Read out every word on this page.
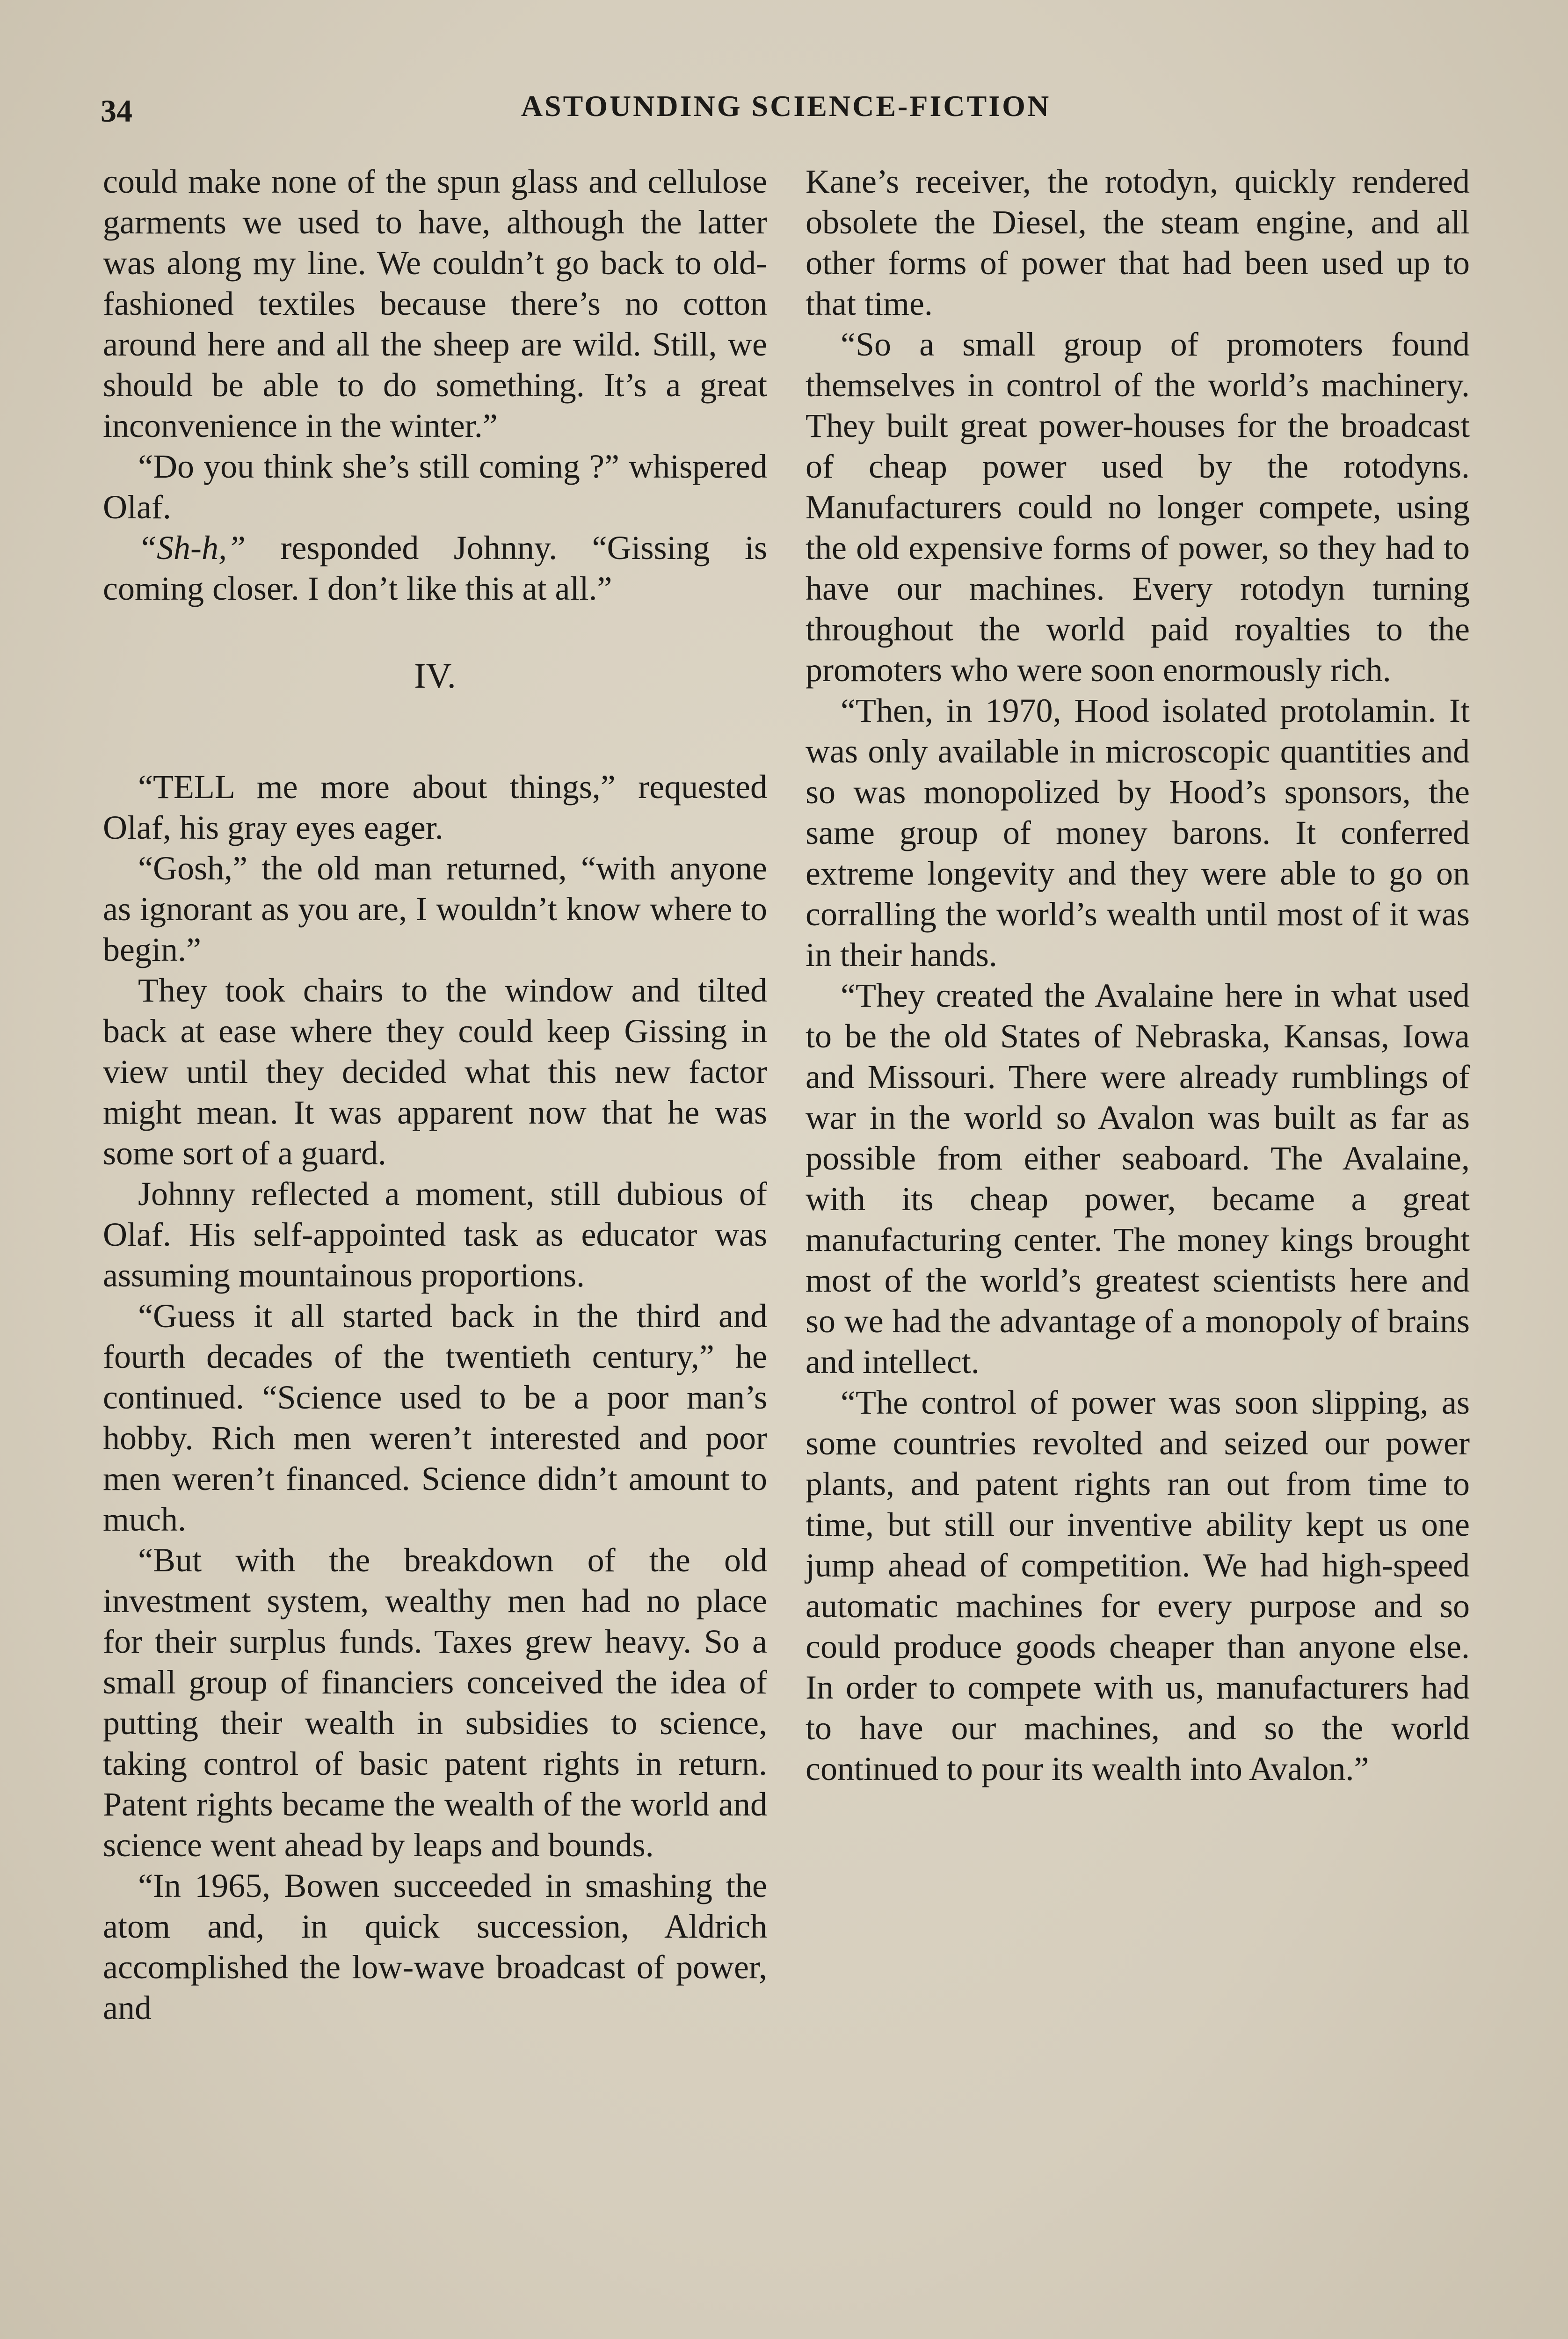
34	ASTOUNDING SCIENCE-FICTION

could make none of the spun glass and cellulose garments we used to have, although the latter was along my line. We couldn’t go back to old-fashioned textiles because there’s no cotton around here and all the sheep are wild. Still, we should be able to do something. It’s a great inconvenience in the winter.”

“Do you think she’s still coming ?” whispered Olaf.

“Sh-h,” responded Johnny. “Gissing is coming closer. I don’t like this at all.”

IV.

“TELL me more about things,” requested Olaf, his gray eyes eager.

“Gosh,” the old man returned, “with anyone as ignorant as you are, I wouldn’t know where to begin.”

They took chairs to the window and tilted back at ease where they could keep Gissing in view until they decided what this new factor might mean. It was apparent now that he was some sort of a guard.

Johnny reflected a moment, still dubious of Olaf. His self-appointed task as educator was assuming mountainous proportions.

“Guess it all started back in the third and fourth decades of the twentieth century,” he continued. “Science used to be a poor man’s hobby. Rich men weren’t interested and poor men weren’t financed. Science didn’t amount to much.

“But with the breakdown of the old investment system, wealthy men had no place for their surplus funds. Taxes grew heavy. So a small group of financiers conceived the idea of putting their wealth in subsidies to science, taking control of basic patent rights in return. Patent rights became the wealth of the world and science went ahead by leaps and bounds.

“In 1965, Bowen succeeded in smashing the atom and, in quick succession, Aldrich accomplished the low-wave broadcast of power, and

Kane’s receiver, the rotodyn, quickly rendered obsolete the Diesel, the steam engine, and all other forms of power that had been used up to that time.

“So a small group of promoters found themselves in control of the world’s machinery. They built great power-houses for the broadcast of cheap power used by the rotodyns. Manufacturers could no longer compete, using the old expensive forms of power, so they had to have our machines. Every rotodyn turning throughout the world paid royalties to the promoters who were soon enormously rich.

“Then, in 1970, Hood isolated protolamin. It was only available in microscopic quantities and so was monopolized by Hood’s sponsors, the same group of money barons. It conferred extreme longevity and they were able to go on corralling the world’s wealth until most of it was in their hands.

“They created the Avalaine here in what used to be the old States of Nebraska, Kansas, Iowa and Missouri. There were already rumblings of war in the world so Avalon was built as far as possible from either seaboard. The Avalaine, with its cheap power, became a great manufacturing center. The money kings brought most of the world’s greatest scientists here and so we had the advantage of a monopoly of brains and intellect.

“The control of power was soon slipping, as some countries revolted and seized our power plants, and patent rights ran out from time to time, but still our inventive ability kept us one jump ahead of competition. We had high-speed automatic machines for every purpose and so could produce goods cheaper than anyone else. In order to compete with us, manufacturers had to have our machines, and so the world continued to pour its wealth into Avalon.”
